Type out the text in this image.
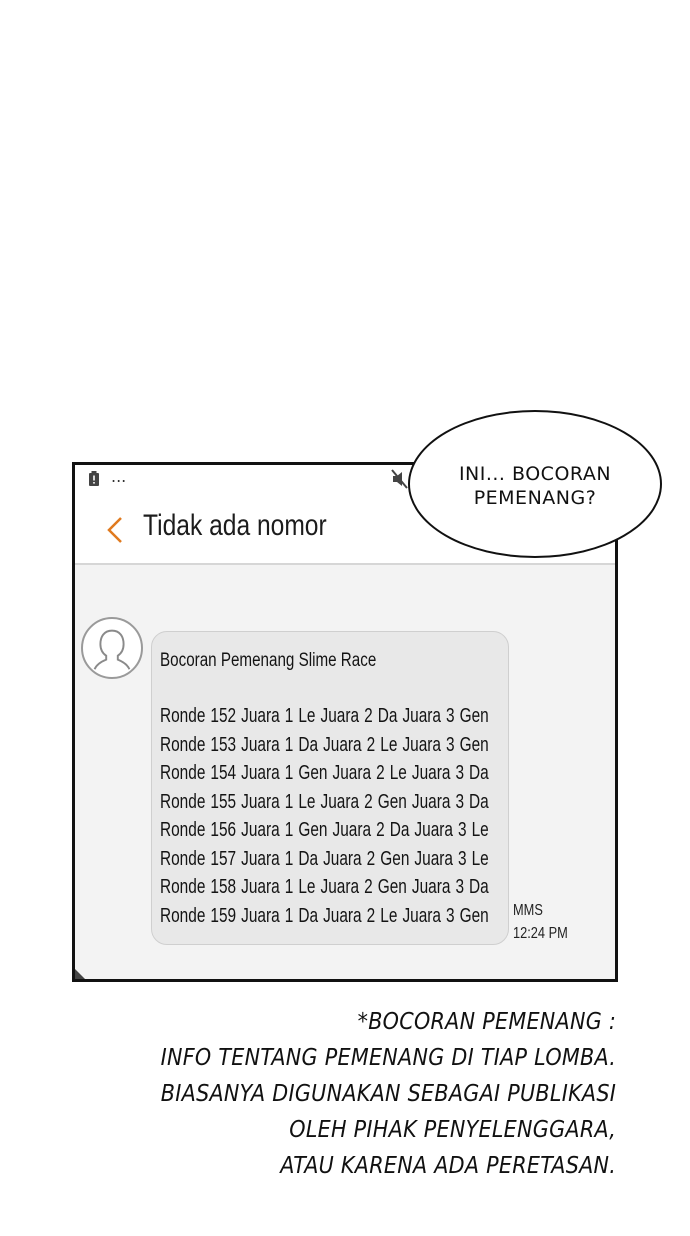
...
Tidak ada nomor
Bocoran Pemenang Slime Race
Ronde 152 Juara 1 Le Juara 2 Da Juara 3 Gen
Ronde 153 Juara 1 Da Juara 2 Le Juara 3 Gen
Ronde 154 Juara 1 Gen Juara 2 Le Juara 3 Da
Ronde 155 Juara 1 Le Juara 2 Gen Juara 3 Da
Ronde 156 Juara 1 Gen Juara 2 Da Juara 3 Le
Ronde 157 Juara 1 Da Juara 2 Gen Juara 3 Le
Ronde 158 Juara 1 Le Juara 2 Gen Juara 3 Da
Ronde 159 Juara 1 Da Juara 2 Le Juara 3 Gen MMS
12:24 PM
INI... BOCORAN
PEMENANG?
*BOCORAN PEMENANG :
INFO TENTANG PEMENANG DI TIAP LOMBA.
BIASANYA DIGUNAKAN SEBAGAI PUBLIKASI
OLEH PIHAK PENYELENGGARA,
ATAU KARENA ADA PERETASAN.
